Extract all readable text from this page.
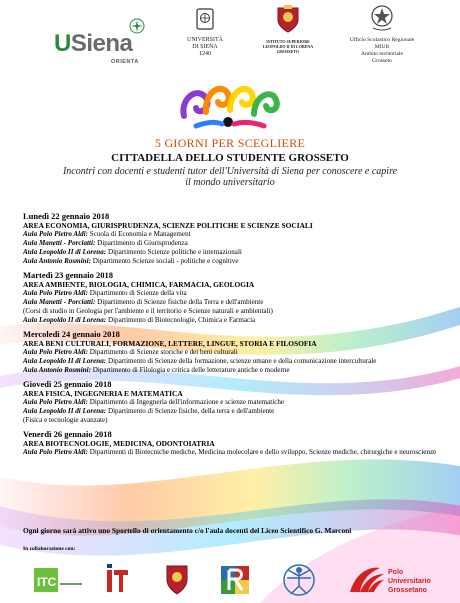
USiena
ORIENTA
UNIVERSITÀ
DI SIENA
1240
ISTITUTO SUPERIORE
LEOPOLDO II DI LORENA
GROSSETO
Ufficio Scolastico Regionale
MIUR
Ambito territoriale
Grosseto
5 GIORNI PER SCEGLIERE
CITTADELLA DELLO STUDENTE GROSSETO
Incontri con docenti e studenti tutor dell'Università di Siena per conoscere e capire il mondo universitario
Lunedì 22 gennaio 2018
AREA ECONOMIA, GIURISPRUDENZA, SCIENZE POLITICHE E SCIENZE SOCIALI
Aula Polo Pietro Aldi: Scuola di Economia e Management
Aula Manetti - Porciatti: Dipartimento di Giurisprudenza
Aula Leopoldo II di Lorena: Dipartimento Scienze politiche e internazionali
Aula Antonio Rosmini: Dipartimento Scienze sociali - politiche e cognitive
Martedì 23 gennaio 2018
AREA AMBIENTE, BIOLOGIA, CHIMICA, FARMACIA, GEOLOGIA
Aula Polo Pietro Aldi: Dipartimento di Scienze della vita
Aula Manetti - Porciatti: Dipartimento di Scienze fisiche della Terra e dell'ambiente
(Corsi di studio in Geologia per l'ambiente e il territorio e Scienze naturali e ambientali)
Aula Leopoldo II di Lorena: Dipartimento di Biotecnologie, Chimica e Farmacia
Mercoledì 24 gennaio 2018
AREA BENI CULTURALI, FORMAZIONE, LETTERE, LINGUE, STORIA E FILOSOFIA
Aula Polo Pietro Aldi: Dipartimento di Scienze storiche e dei beni culturali
Aula Leopoldo II di Lorena: Dipartimento di Scienze della formazione, scienze umane e della comunicazione interculturale
Aula Antonio Rosmini: Dipartimento di Filologia e critica delle letterature antiche e moderne
Giovedì 25 gennaio 2018
AREA FISICA, INGEGNERIA E MATEMATICA
Aula Polo Pietro Aldi: Dipartimento di Ingegneria dell'informazione e scienze matematiche
Aula Leopoldo II di Lorena: Dipartimento di Scienze fisiche, della terra e dell'ambiente
(Fisica e tecnologie avanzate)
Venerdì 26 gennaio 2018
AREA BIOTECNOLOGIE, MEDICINA, ODONTOIATRIA
Aula Polo Pietro Aldi: Dipartimenti di Biotecniche mediche, Medicina molecolare e dello sviluppo, Scienze mediche, chirurgiche e neuroscienze
Ogni giorno sarà attivo uno Sportello di orientamento c/o l'aula docenti del Liceo Scientifico G. Marconi
In collaborazione con:
ITC
Polo
Universitario
Grossetano
